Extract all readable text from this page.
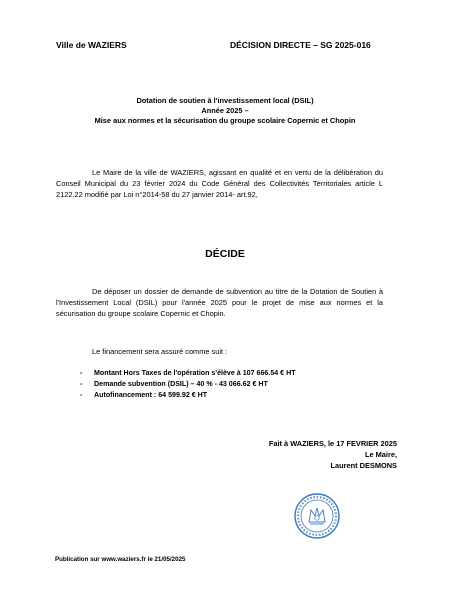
Ville de WAZIERS	DÉCISION DIRECTE – SG 2025-016
Dotation de soutien à l'investissement local (DSIL)
Année 2025 –
Mise aux normes et la sécurisation du groupe scolaire Copernic et Chopin
Le Maire de la ville de WAZIERS, agissant en qualité et en vertu de la délibération du Conseil Municipal du 23 février 2024 du Code Général des Collectivités Territoriales article L 2122.22 modifié par Loi n°2014-58 du 27 janvier 2014- art.92,
DÉCIDE
De déposer un dossier de demande de subvention au titre de la Dotation de Soutien à l'Investissement Local (DSIL) pour l'année 2025 pour le projet de mise aux normes et la sécurisation du groupe scolaire Copernic et Chopin.
Le financement sera assuré comme suit :
- Montant Hors Taxes de l'opération s'élève à 107 666.54 € HT
- Demande subvention (DSIL) – 40 % - 43 066.62 € HT
- Autofinancement : 64 599.92 € HT
Fait à WAZIERS, le 17 FEVRIER 2025
Le Maire,
Laurent DESMONS
Publication sur www.waziers.fr le 21/05/2025
